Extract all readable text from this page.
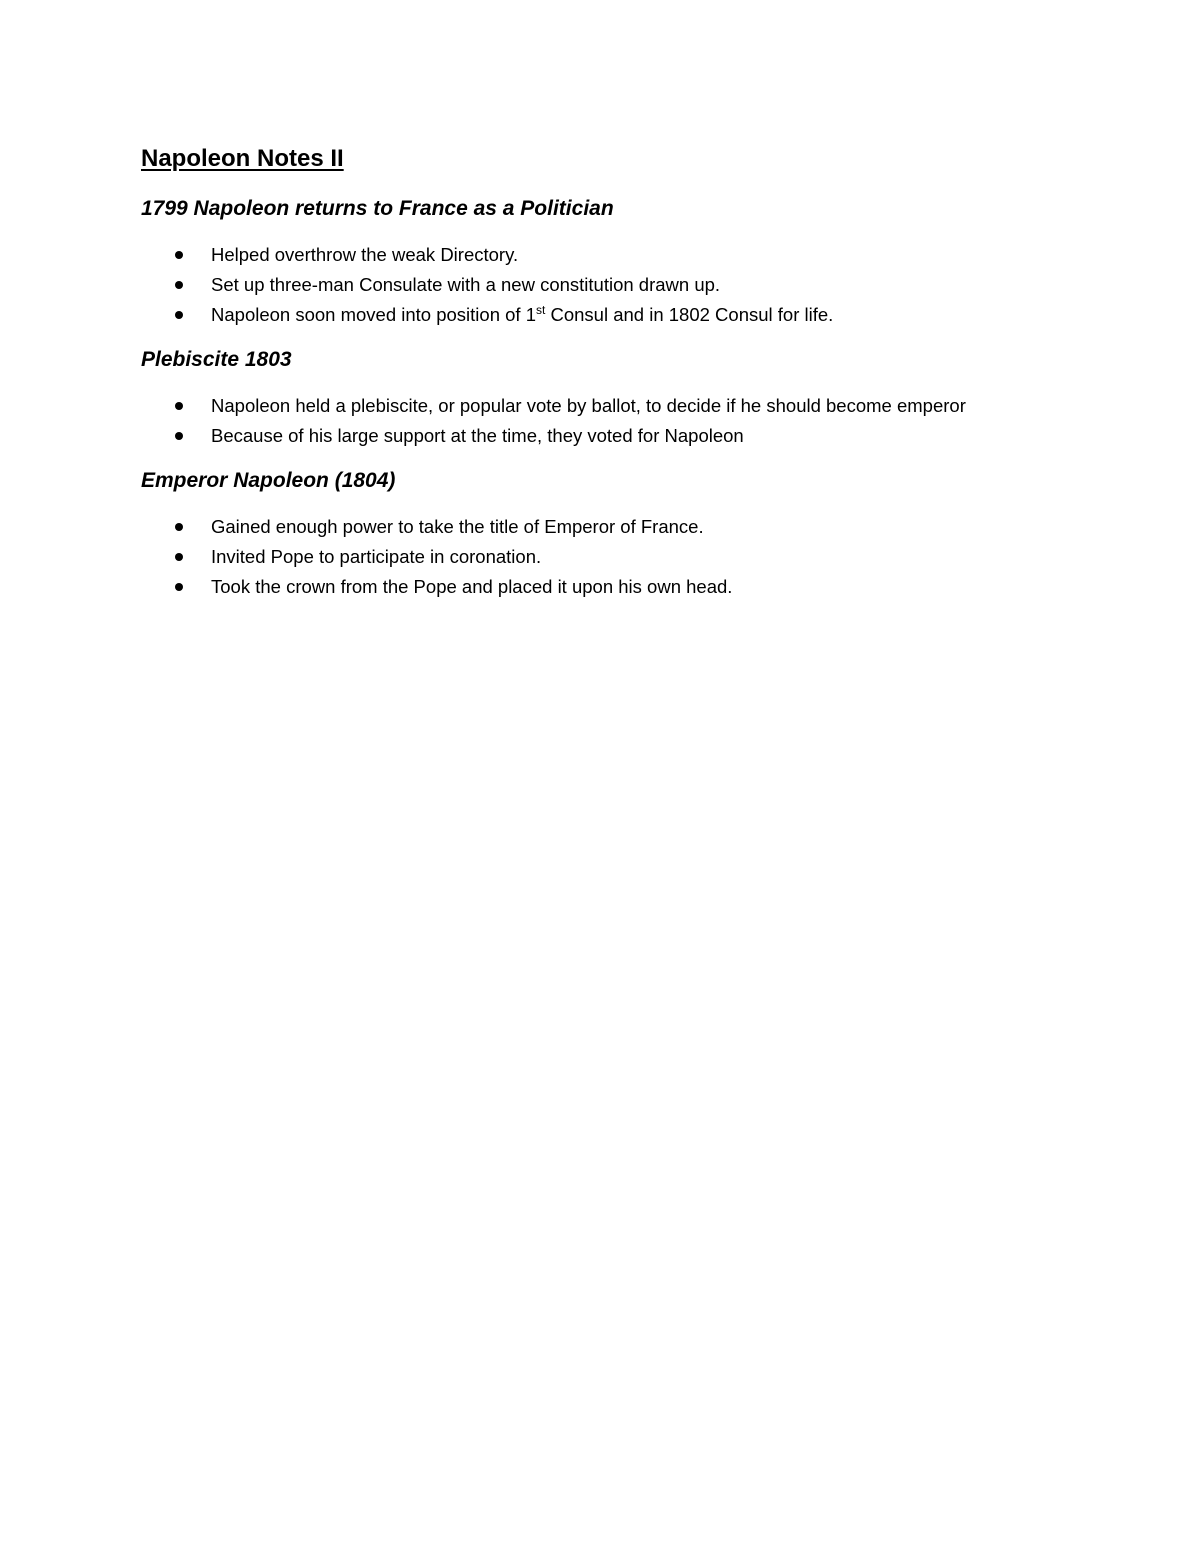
Napoleon Notes II
1799 Napoleon returns to France as a Politician
Helped overthrow the weak Directory.
Set up three-man Consulate with a new constitution drawn up.
Napoleon soon moved into position of 1st Consul and in 1802 Consul for life.
Plebiscite 1803
Napoleon held a plebiscite, or popular vote by ballot, to decide if he should become emperor
Because of his large support at the time, they voted for Napoleon
Emperor Napoleon (1804)
Gained enough power to take the title of Emperor of France.
Invited Pope to participate in coronation.
Took the crown from the Pope and placed it upon his own head.
